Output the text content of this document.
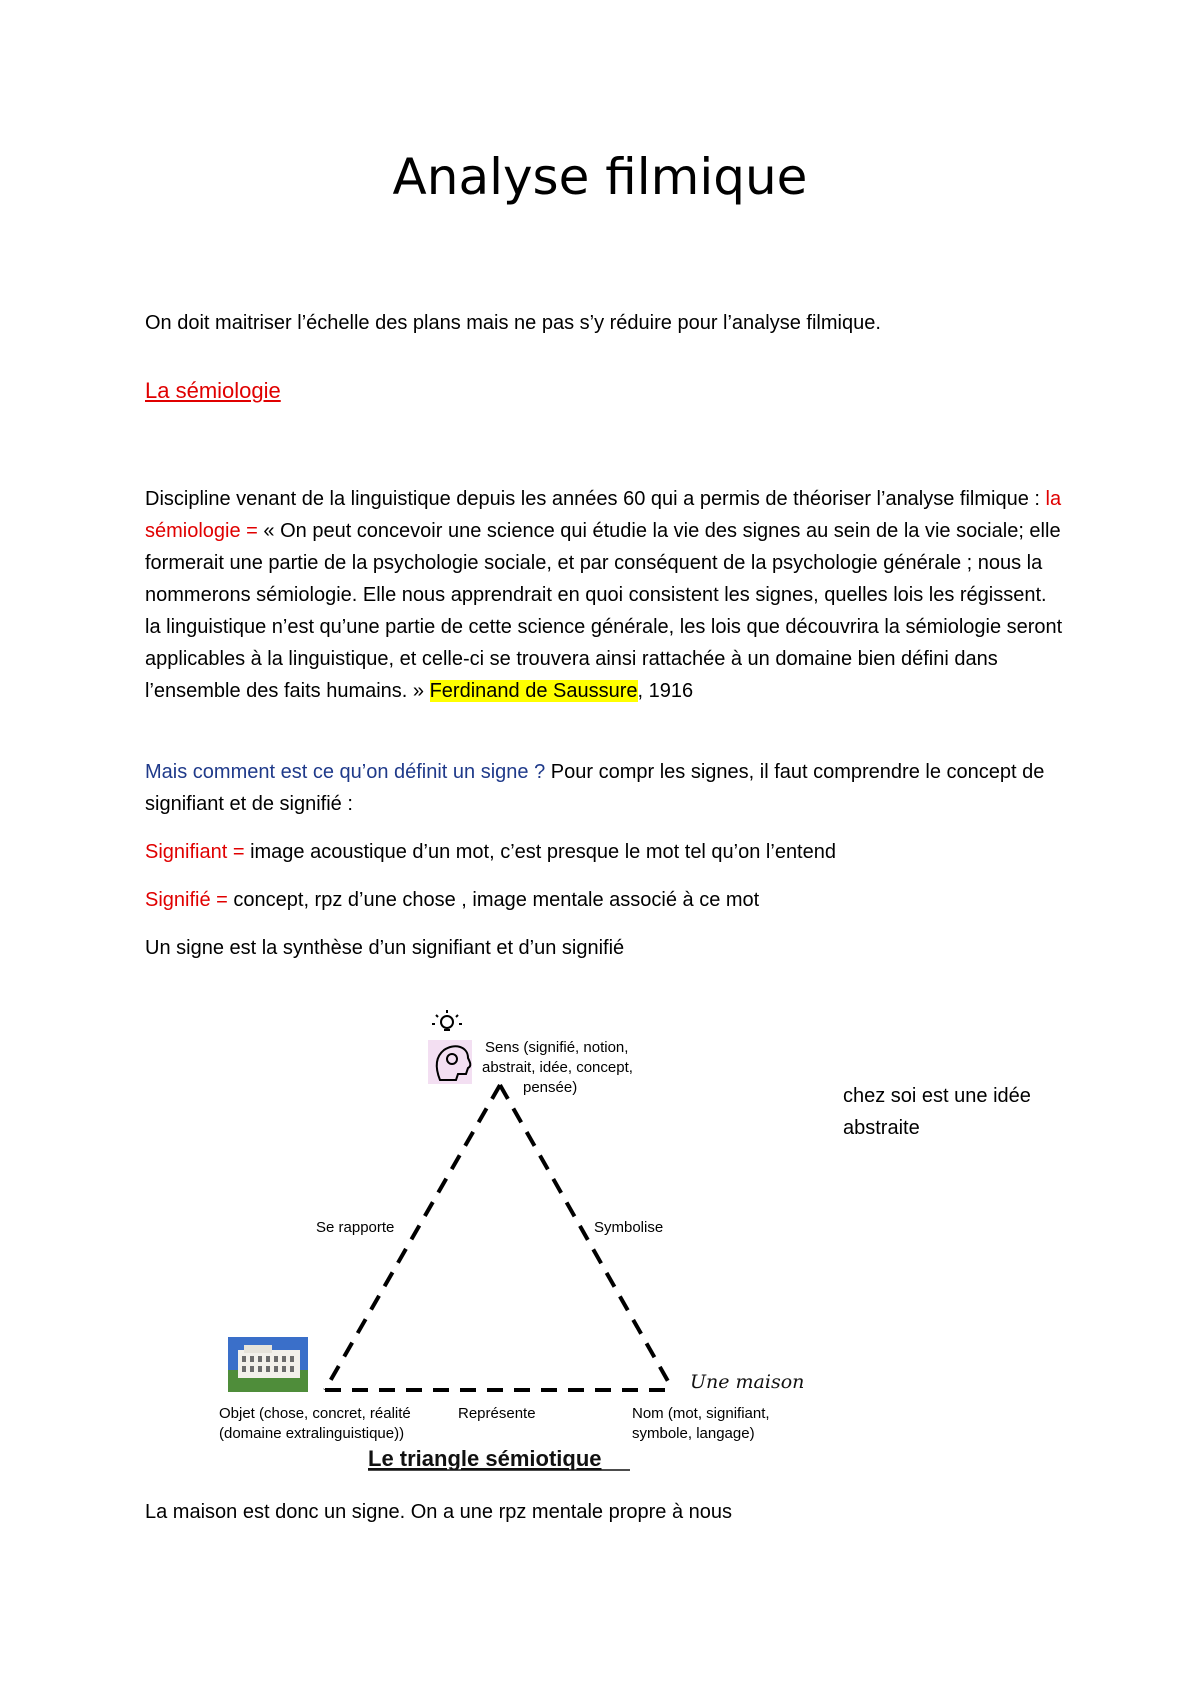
Analyse filmique
On doit maitriser l’échelle des plans mais ne pas s’y réduire pour l’analyse filmique.
La sémiologie
Discipline venant de la linguistique depuis les années 60 qui a permis de théoriser l’analyse filmique : la sémiologie = « On peut concevoir une science qui étudie la vie des signes au sein de la vie sociale; elle formerait une partie de la psychologie sociale, et par conséquent de la psychologie générale ; nous la nommerons sémiologie. Elle nous apprendrait en quoi consistent les signes, quelles lois les régissent. la linguistique n’est qu’une partie de cette science générale, les lois que découvrira la sémiologie seront applicables à la linguistique, et celle-ci se trouvera ainsi rattachée à un domaine bien défini dans l’ensemble des faits humains. » Ferdinand de Saussure, 1916
Mais comment est ce qu’on définit un signe ? Pour compr les signes, il faut comprendre le concept de signifiant et de signifié :
Signifiant = image acoustique d’un mot, c’est presque le mot tel qu’on l’entend
Signifié = concept, rpz d’une chose , image mentale associé à ce mot
Un signe est la synthèse d’un signifiant et d’un signifié
chez soi est une idée abstraite
Sens (signifié, notion,
abstrait, idée, concept,
pensée)
Se rapporte	Symbolise
Représente
Objet (chose, concret, réalité
(domaine extralinguistique))
Nom (mot, signifiant,
symbole, langage)
Une maison
Le triangle sémiotique
La maison est donc un signe. On a une rpz mentale propre à nous
